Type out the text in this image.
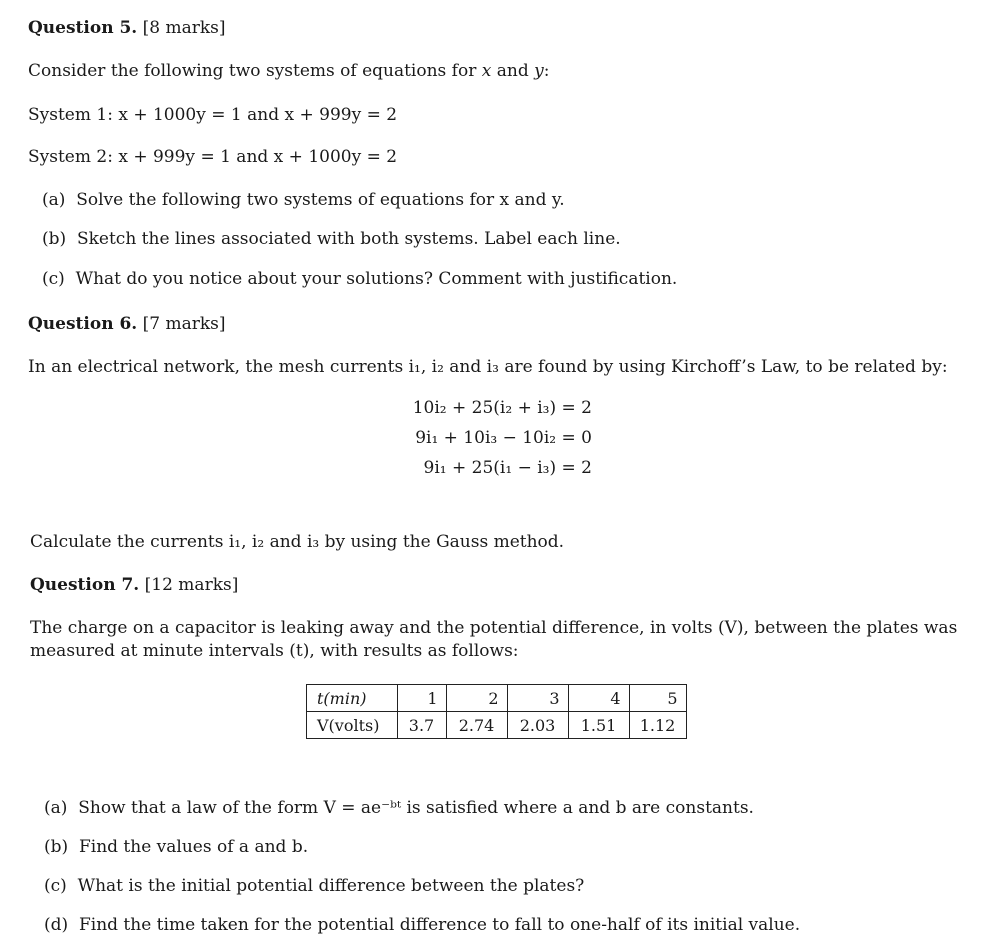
Question 5. [8 marks]
Consider the following two systems of equations for x and y:
System 1: x + 1000y = 1 and x + 999y = 2
System 2: x + 999y = 1 and x + 1000y = 2
(a) Solve the following two systems of equations for x and y.
(b) Sketch the lines associated with both systems. Label each line.
(c) What do you notice about your solutions? Comment with justification.
Question 6. [7 marks]
In an electrical network, the mesh currents i₁, i₂ and i₃ are found by using Kirchoff’s Law, to be related by:
10i₂ + 25(i₂ + i₃) = 2
9i₁ + 10i₃ − 10i₂ = 0
9i₁ + 25(i₁ − i₃) = 2
Calculate the currents i₁, i₂ and i₃ by using the Gauss method.
Question 7. [12 marks]
The charge on a capacitor is leaking away and the potential difference, in volts (V), between the plates was
measured at minute intervals (t), with results as follows:
t(min)	1	2	3	4	5
V(volts)	3.7	2.74	2.03	1.51	1.12
(a) Show that a law of the form V = ae⁻ᵇᵗ is satisfied where a and b are constants.
(b) Find the values of a and b.
(c) What is the initial potential difference between the plates?
(d) Find the time taken for the potential difference to fall to one-half of its initial value.
